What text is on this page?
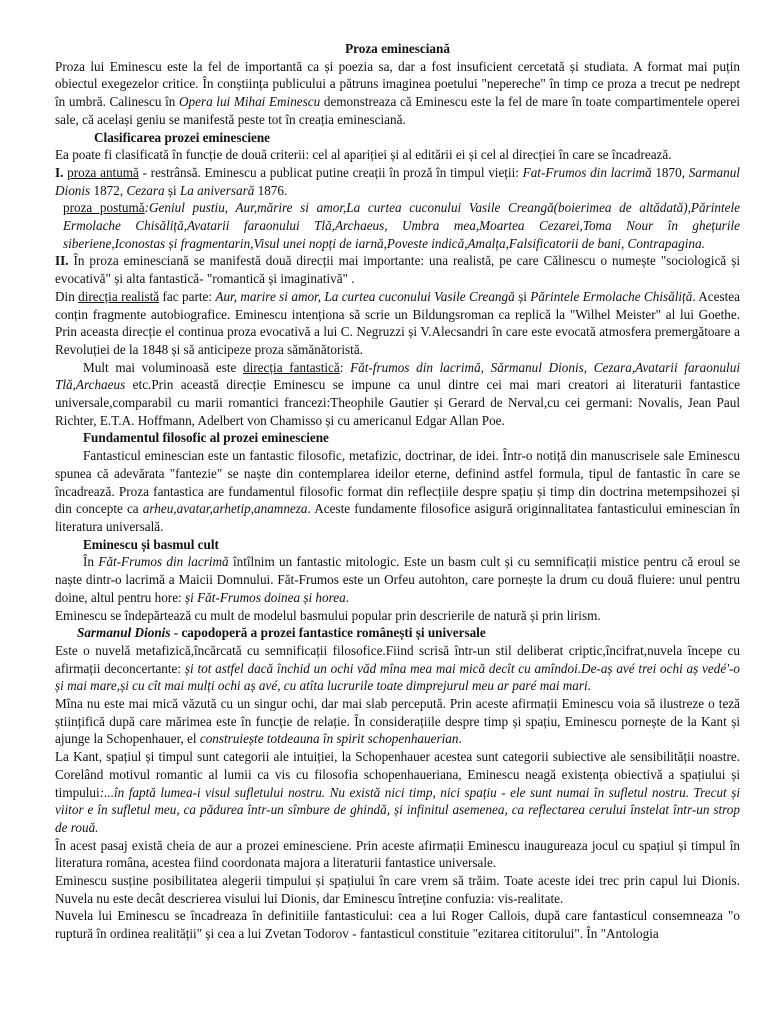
Proza eminesciană

Proza lui Eminescu este la fel de importantă ca și poezia sa, dar a fost insuficient cercetată și studiata. A format mai puțin obiectul exegezelor critice. În conștiința publicului a pătruns imaginea poetului "nepereche" în timp ce proza a trecut pe nedrept în umbră. Calinescu în Opera lui Mihai Eminescu demonstreaza că Eminescu este la fel de mare în toate compartimentele operei sale, că același geniu se manifestă peste tot în creația eminesciană.

Clasificarea prozei eminesciene

Ea poate fi clasificată în funcție de două criterii: cel al apariției și al editării ei și cel al direcției în care se încadrează.

I. proza antumă - restrânsă. Eminescu a publicat putine creații în proză în timpul vieții: Fat-Frumos din lacrimă 1870, Sarmanul Dionis 1872, Cezara și La aniversară 1876.

proza postumă:Geniul pustiu, Aur,mărire si amor,La curtea cuconului Vasile Creangă(boierimea de altădată),Părintele Ermolache Chisăliță,Avatarii faraonului Tlă,Archaeus, Umbra mea,Moartea Cezarei,Toma Nour în ghețurile siberiene,Iconostas și fragmentarin,Visul unei nopți de iarnă,Poveste indică,Amalța,Falsificatorii de bani, Contrapagina.

II. În proza eminesciană se manifestă două direcții mai importante: una realistă, pe care Călinescu o numește "sociologică și evocativă" și alta fantastică- "romantică și imaginativă" .

Din direcția realistă fac parte: Aur, marire si amor, La curtea cuconului Vasile Creangă și Părintele Ermolache Chisăliță. Acestea conțin fragmente autobiografice. Eminescu intenționa să scrie un Bildungsroman ca replică la "Wilhel Meister" al lui Goethe. Prin aceasta direcție el continua proza evocativă a lui C. Negruzzi și V.Alecsandri în care este evocată atmosfera premergătoare a Revoluției de la 1848 și să anticipeze proza sămănătoristă.

Mult mai voluminoasă este direcția fantastică: Făt-frumos din lacrimă, Sărmanul Dionis, Cezara,Avatarii faraonului Tlă,Archaeus etc.Prin această direcție Eminescu se impune ca unul dintre cei mai mari creatori ai literaturii fantastice universale,comparabil cu marii romantici francezi:Theophile Gautier și Gerard de Nerval,cu cei germani: Novalis, Jean Paul Richter, E.T.A. Hoffmann, Adelbert von Chamisso și cu americanul Edgar Allan Poe.

Fundamentul filosofic al prozei eminesciene

Fantasticul eminescian este un fantastic filosofic, metafizic, doctrinar, de idei. Într-o notiță din manuscrisele sale Eminescu spunea că adevărata "fantezie" se naște din contemplarea ideilor eterne, definind astfel formula, tipul de fantastic în care se încadrează. Proza fantastica are fundamentul filosofic format din reflecțiile despre spațiu și timp din doctrina metempsihozei și din concepte ca arheu,avatar,arhetip,anamneza. Aceste fundamente filosofice asigură originnalitatea fantasticului eminescian în literatura universală.

Eminescu și basmul cult

În Făt-Frumos din lacrimă întîlnim un fantastic mitologic. Este un basm cult și cu semnificații mistice pentru că eroul se naște dintr-o lacrimă a Maicii Domnului. Făt-Frumos este un Orfeu autohton, care pornește la drum cu două fluiere: unul pentru doine, altul pentru hore: și Făt-Frumos doinea și horea.

Eminescu se îndepărtează cu mult de modelul basmului popular prin descrierile de natură și prin lirism.

Sarmanul Dionis - capodoperă a prozei fantastice românești și universale

Este o nuvelă metafizică,încărcată cu semnificații filosofice.Fiind scrisă într-un stil deliberat criptic,încifrat,nuvela începe cu afirmații deconcertante: și tot astfel dacă închid un ochi văd mîna mea mai mică decît cu amîndoi.De-aș avé trei ochi aș vedé'-o și mai mare,și cu cît mai mulți ochi aș avé, cu atîta lucrurile toate dimprejurul meu ar paré mai mari.

Mîna nu este mai mică văzută cu un singur ochi, dar mai slab percepută. Prin aceste afirmații Eminescu voia să ilustreze o teză științifică după care mărimea este în funcție de relație. În considerațiile despre timp și spațiu, Eminescu pornește de la Kant și ajunge la Schopenhauer, el construiește totdeauna în spirit schopenhauerian.

La Kant, spațiul și timpul sunt categorii ale intuiției, la Schopenhauer acestea sunt categorii subiective ale sensibilității noastre. Corelând motivul romantic al lumii ca vis cu filosofia schopenhaueriana, Eminescu neagă existența obiectivă a spațiului și timpului:...în faptă lumea-i visul sufletului nostru. Nu există nici timp, nici spațiu - ele sunt numai în sufletul nostru. Trecut și viitor e în sufletul meu, ca pădurea într-un sîmbure de ghindă, și infinitul asemenea, ca reflectarea cerului înstelat într-un strop de rouă.

În acest pasaj există cheia de aur a prozei eminesciene. Prin aceste afirmații Eminescu inaugureaza jocul cu spațiul și timpul în literatura româna, acestea fiind coordonata majora a literaturii fantastice universale.

Eminescu susține posibilitatea alegerii timpului și spațiului în care vrem să trăim. Toate aceste idei trec prin capul lui Dionis. Nuvela nu este decât descrierea visului lui Dionis, dar Eminescu întreține confuzia: vis-realitate.

Nuvela lui Eminescu se încadreaza în definitiile fantasticului: cea a lui Roger Callois, după care fantasticul consemneaza "o ruptură în ordinea realității" și cea a lui Zvetan Todorov - fantasticul constituie "ezitarea cititorului". În "Antologia
